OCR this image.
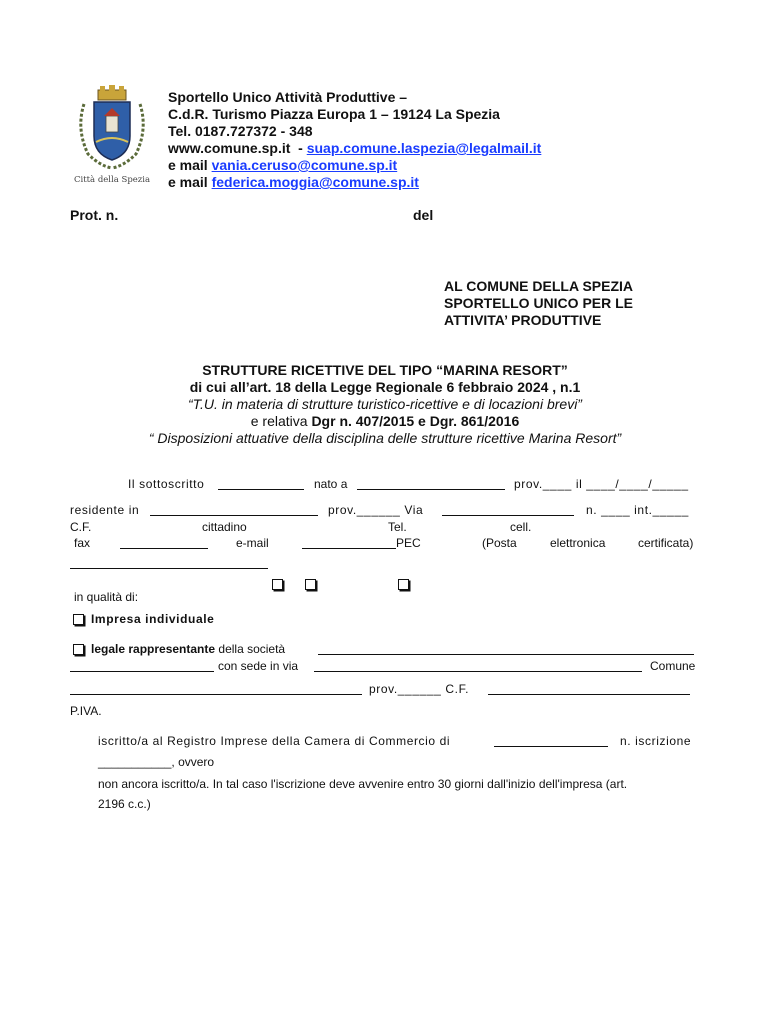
Città della Spezia
Sportello Unico Attività Produttive –
C.d.R. Turismo Piazza Europa 1 – 19124 La Spezia
Tel. 0187.727372 - 348
www.comune.sp.it  - suap.comune.laspezia@legalmail.it
e mail vania.ceruso@comune.sp.it
e mail federica.moggia@comune.sp.it
Prot. n.	del
AL COMUNE DELLA SPEZIA
SPORTELLO UNICO PER LE
ATTIVITA’ PRODUTTIVE
STRUTTURE RICETTIVE DEL TIPO “MARINA RESORT”
di cui all’art. 18 della Legge Regionale 6 febbraio 2024 , n.1
“T.U. in materia di strutture turistico-ricettive e di locazioni brevi”
e relativa Dgr n. 407/2015 e Dgr. 861/2016
“ Disposizioni attuative della disciplina delle strutture ricettive Marina Resort”
Il sottoscritto	nato a	prov.____ il ____/____/_____
residente in	prov.______ Via	n. ____ int._____
C.F.	cittadino	Tel.	cell.
fax	e-mail	PEC	(Posta	elettronica	certificata)
in qualità di:
Impresa individuale
legale rappresentante della società
con sede in via	Comune
prov.______ C.F.
P.IVA.
iscritto/a al Registro Imprese della Camera di Commercio di	n. iscrizione
___________, ovvero
non ancora iscritto/a. In tal caso l'iscrizione deve avvenire entro 30 giorni dall'inizio dell'impresa (art.
2196 c.c.)
